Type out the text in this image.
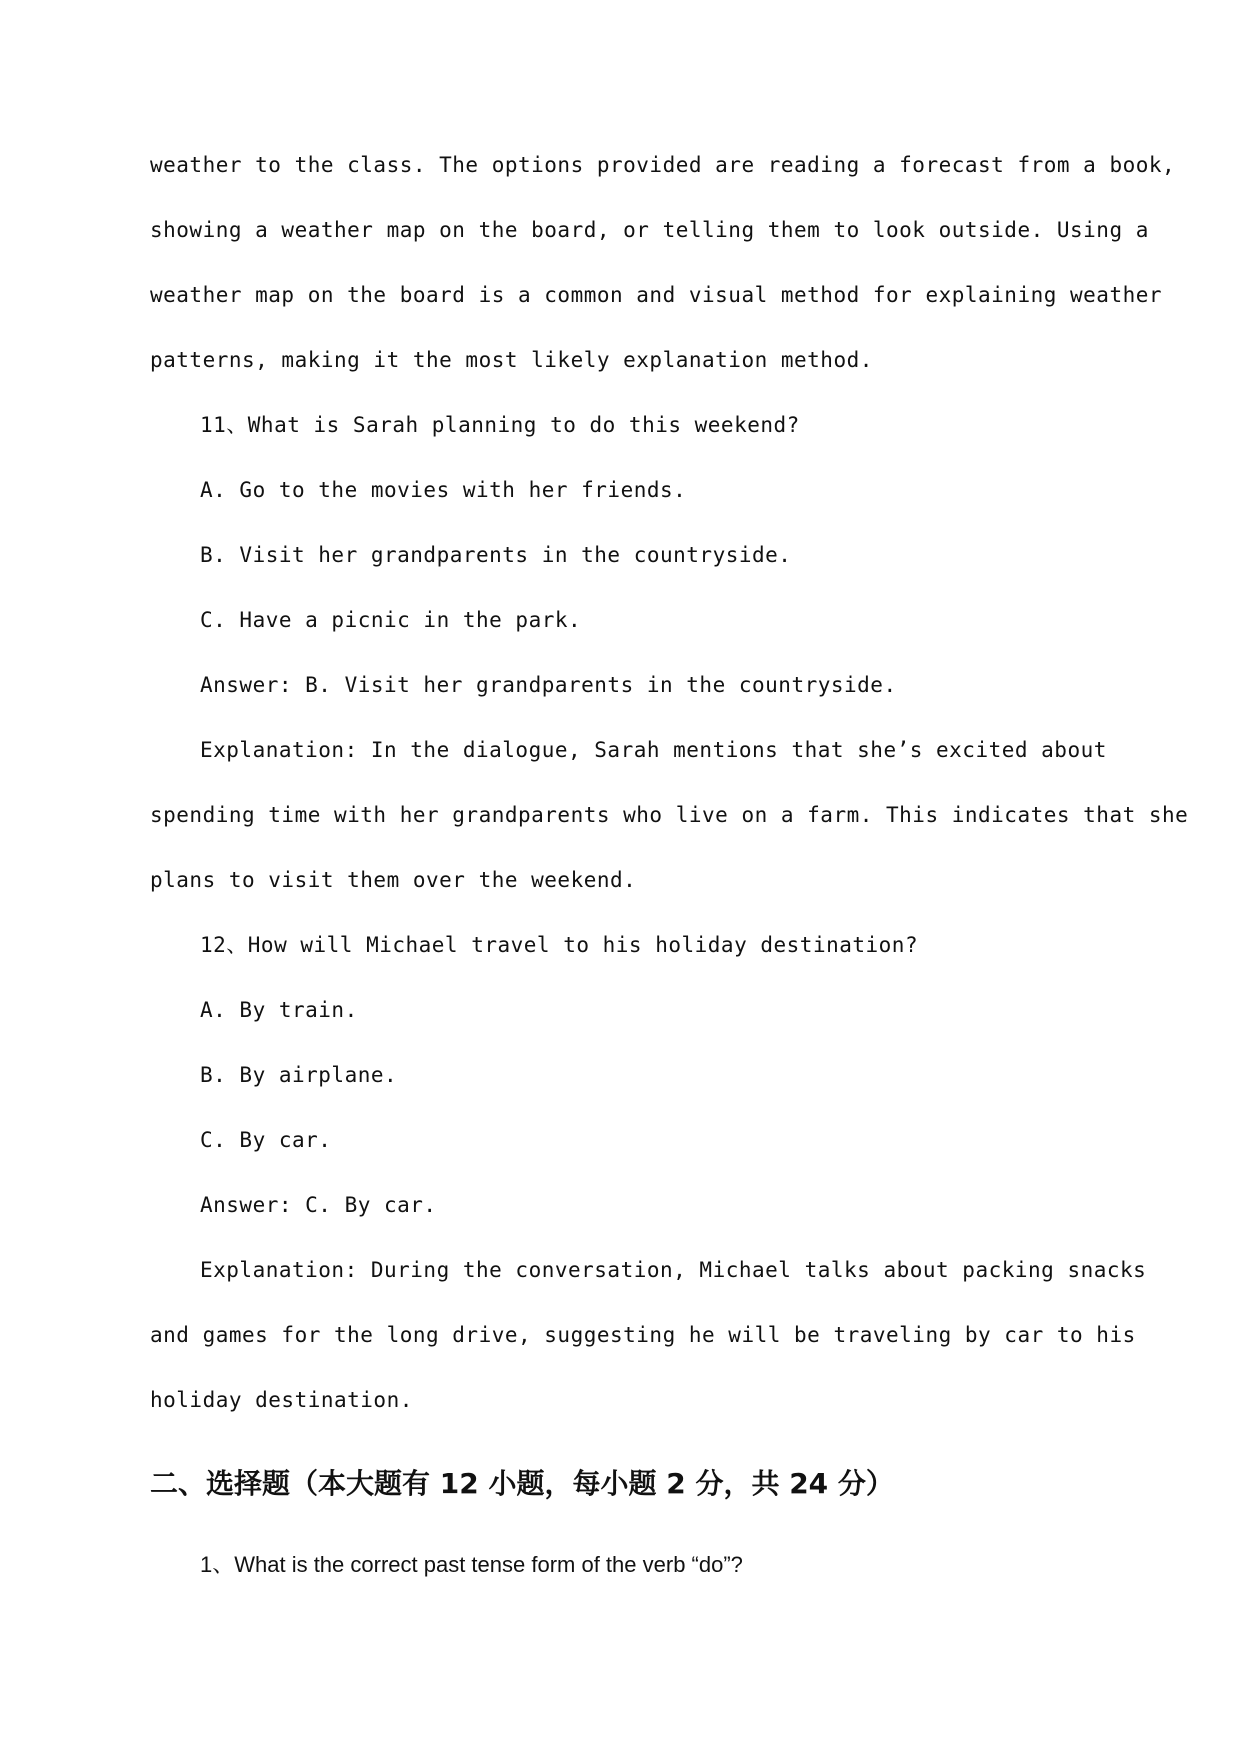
weather to the class. The options provided are reading a forecast from a book,
showing a weather map on the board, or telling them to look outside. Using a
weather map on the board is a common and visual method for explaining weather
patterns, making it the most likely explanation method.
11、What is Sarah planning to do this weekend?
A. Go to the movies with her friends.
B. Visit her grandparents in the countryside.
C. Have a picnic in the park.
Answer: B. Visit her grandparents in the countryside.
Explanation: In the dialogue, Sarah mentions that she’s excited about
spending time with her grandparents who live on a farm. This indicates that she
plans to visit them over the weekend.
12、How will Michael travel to his holiday destination?
A. By train.
B. By airplane.
C. By car.
Answer: C. By car.
Explanation: During the conversation, Michael talks about packing snacks
and games for the long drive, suggesting he will be traveling by car to his
holiday destination.
二、选择题（本大题有 12 小题，每小题 2 分，共 24 分）
1、What is the correct past tense form of the verb “do”?
